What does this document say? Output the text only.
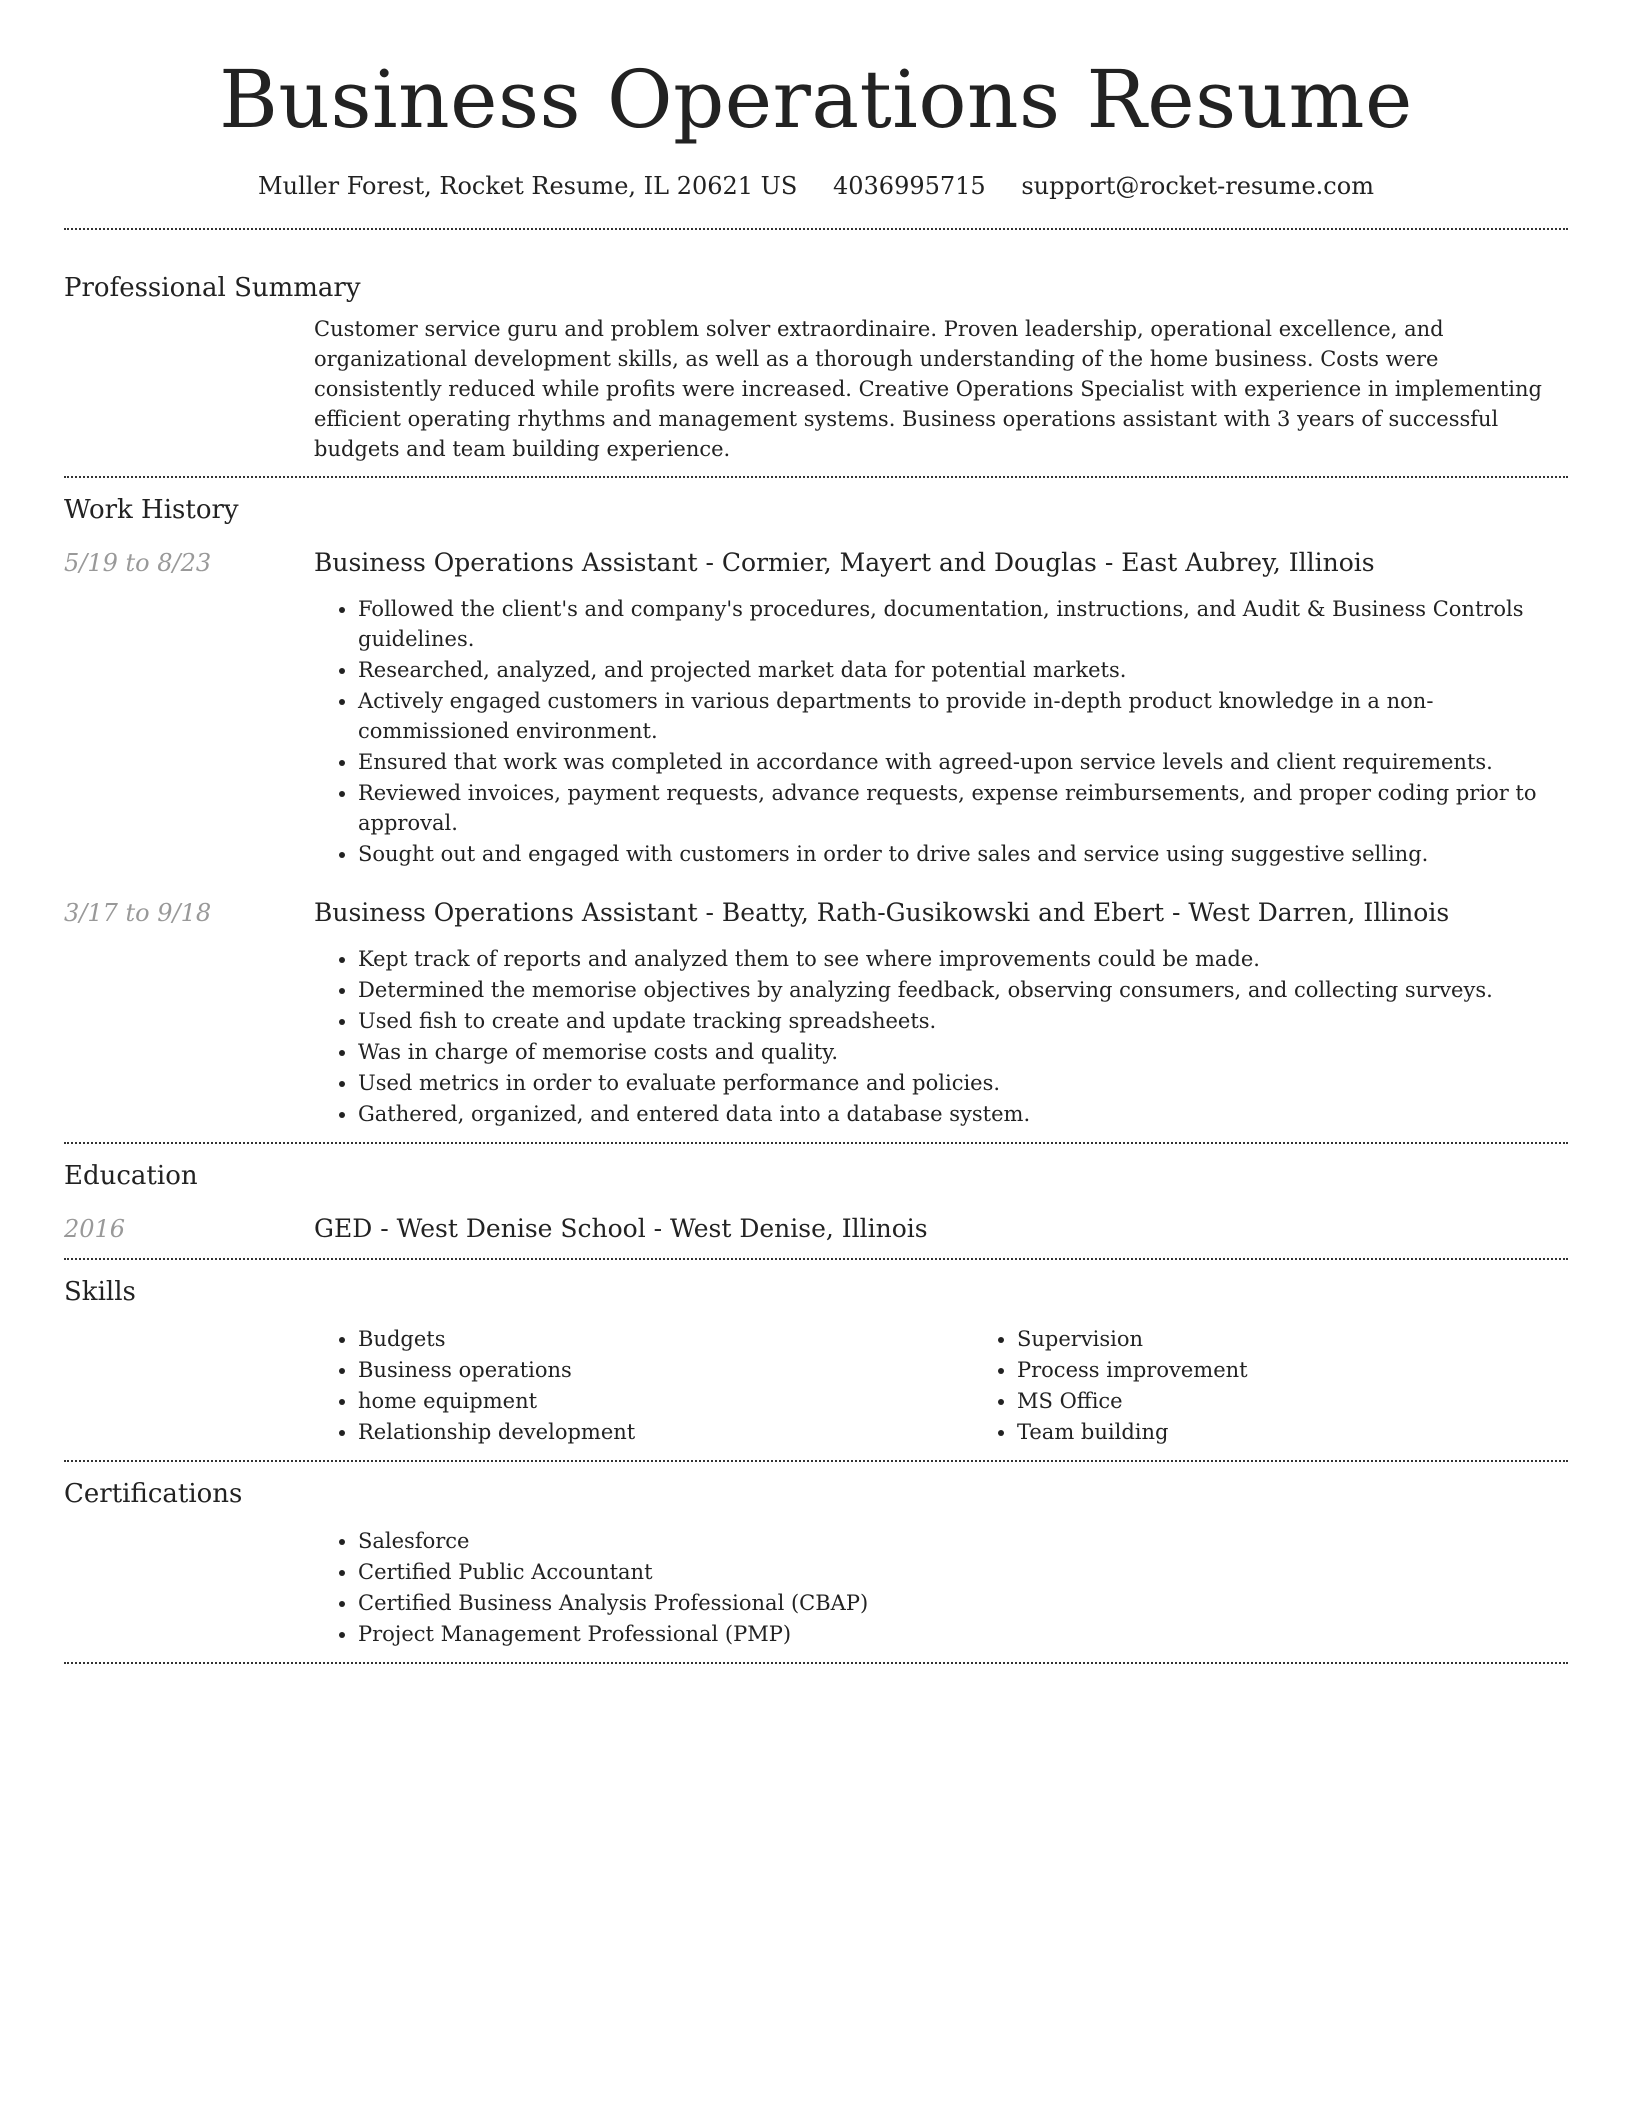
Business Operations Resume
Muller Forest, Rocket Resume, IL 20621 US 4036995715 support@rocket-resume.com
Professional Summary

Customer service guru and problem solver extraordinaire. Proven leadership, operational excellence, and organizational development skills, as well as a thorough understanding of the home business. Costs were consistently reduced while profits were increased. Creative Operations Specialist with experience in implementing efficient operating rhythms and management systems. Business operations assistant with 3 years of successful budgets and team building experience.

Work History
5/19 to 8/23	Business Operations Assistant - Cormier, Mayert and Douglas - East Aubrey, Illinois
• Followed the client's and company's procedures, documentation, instructions, and Audit & Business Controls guidelines.
• Researched, analyzed, and projected market data for potential markets.
• Actively engaged customers in various departments to provide in-depth product knowledge in a non-commissioned environment.
• Ensured that work was completed in accordance with agreed-upon service levels and client requirements.
• Reviewed invoices, payment requests, advance requests, expense reimbursements, and proper coding prior to approval.
• Sought out and engaged with customers in order to drive sales and service using suggestive selling.
3/17 to 9/18	Business Operations Assistant - Beatty, Rath-Gusikowski and Ebert - West Darren, Illinois
• Kept track of reports and analyzed them to see where improvements could be made.
• Determined the memorise objectives by analyzing feedback, observing consumers, and collecting surveys.
• Used fish to create and update tracking spreadsheets.
• Was in charge of memorise costs and quality.
• Used metrics in order to evaluate performance and policies.
• Gathered, organized, and entered data into a database system.
Education
2016	GED - West Denise School - West Denise, Illinois
Skills
• Budgets
• Business operations
• home equipment
• Relationship development
• Supervision
• Process improvement
• MS Office
• Team building
Certifications
• Salesforce
• Certified Public Accountant
• Certified Business Analysis Professional (CBAP)
• Project Management Professional (PMP)
